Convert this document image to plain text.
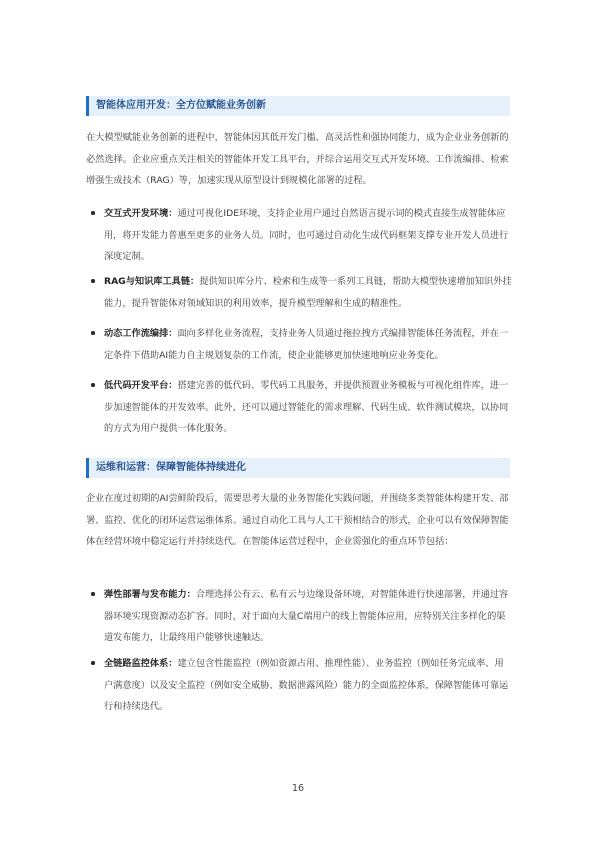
智能体应用开发：全方位赋能业务创新

在大模型赋能业务创新的进程中，智能体因其低开发门槛、高灵活性和强协同能力，成为企业业务创新的必然选择。企业应重点关注相关的智能体开发工具平台，并综合运用交互式开发环境、工作流编排、检索增强生成技术（RAG）等，加速实现从原型设计到规模化部署的过程。

交互式开发环境：通过可视化IDE环境，支持企业用户通过自然语言提示词的模式直接生成智能体应用，将开发能力普惠至更多的业务人员。同时，也可通过自动化生成代码框架支撑专业开发人员进行深度定制。
RAG与知识库工具链：提供知识库分片、检索和生成等一系列工具链，帮助大模型快速增加知识外挂能力，提升智能体对领域知识的利用效率，提升模型理解和生成的精准性。
动态工作流编排：面向多样化业务流程，支持业务人员通过拖拉拽方式编排智能体任务流程，并在一定条件下借助AI能力自主规划复杂的工作流，使企业能够更加快速地响应业务变化。
低代码开发平台：搭建完善的低代码、零代码工具服务，并提供预置业务模板与可视化组件库，进一步加速智能体的开发效率。此外，还可以通过智能化的需求理解、代码生成、软件测试模块，以协同的方式为用户提供一体化服务。
运维和运营：保障智能体持续进化

企业在度过初期的AI尝鲜阶段后，需要思考大量的业务智能化实践问题，并围绕多类智能体构建开发、部署、监控、优化的闭环运营运维体系。通过自动化工具与人工干预相结合的形式，企业可以有效保障智能体在经营环境中稳定运行并持续迭代。在智能体运营过程中，企业需强化的重点环节包括：

弹性部署与发布能力：合理选择公有云、私有云与边缘设备环境，对智能体进行快速部署，并通过容器环境实现资源动态扩容。同时，对于面向大量C端用户的线上智能体应用，应特别关注多样化的渠道发布能力，让最终用户能够快速触达。
全链路监控体系：建立包含性能监控（例如资源占用、推理性能）、业务监控（例如任务完成率、用户满意度）以及安全监控（例如安全威胁、数据泄露风险）能力的全面监控体系，保障智能体可靠运行和持续迭代。
16
